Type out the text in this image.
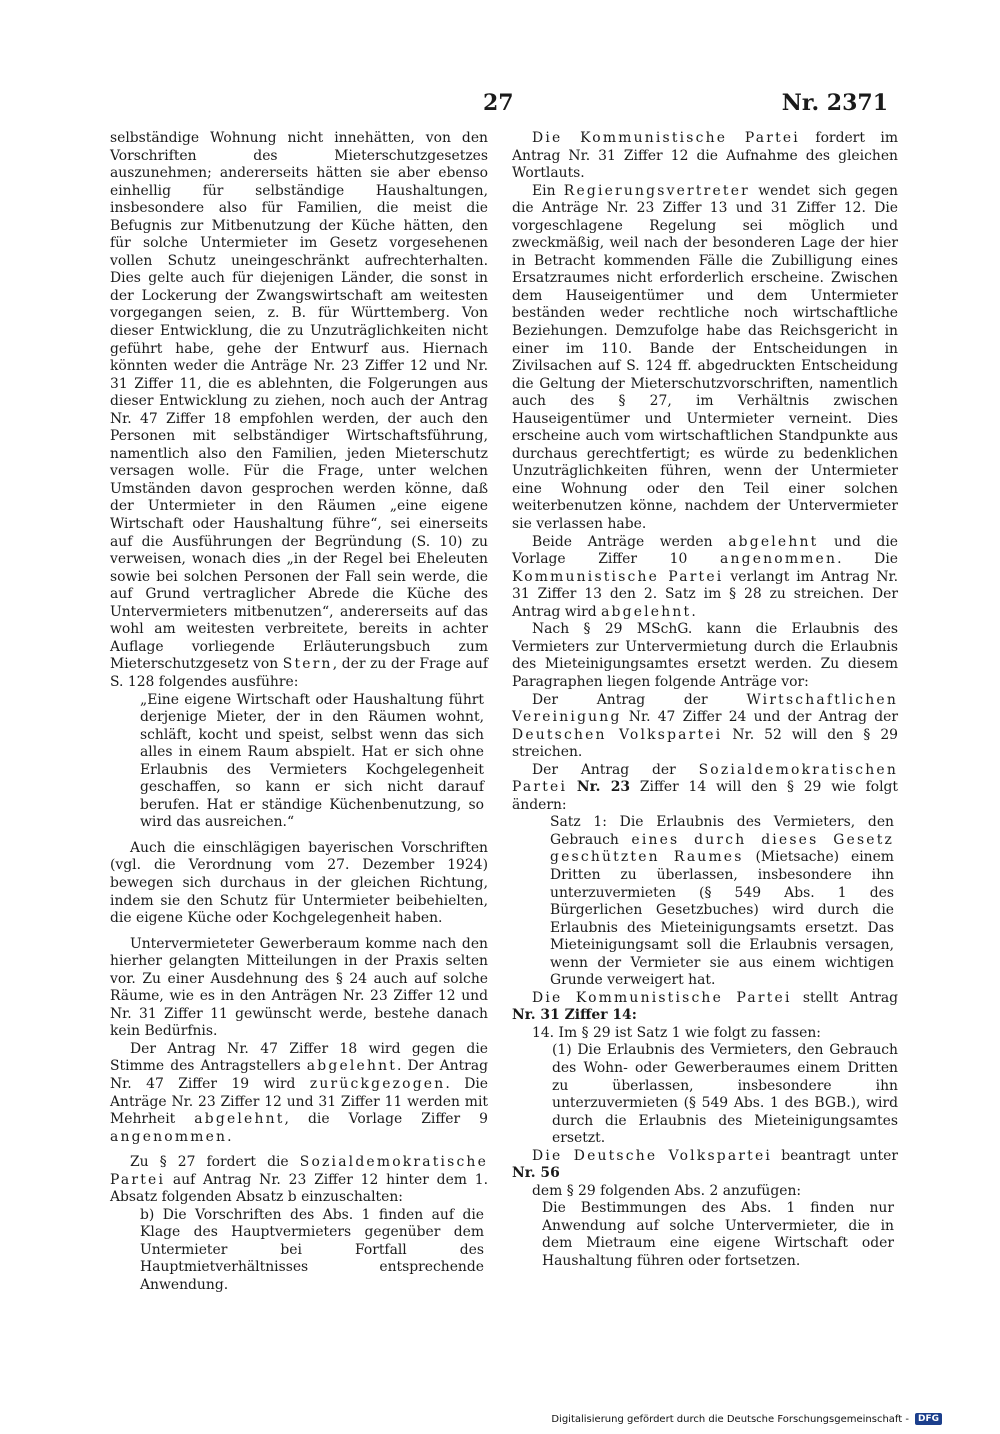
27	Nr. 2371

selbständige Wohnung nicht innehätten, von den Vorschriften des Mieterschutzgesetzes auszunehmen; andererseits hätten sie aber ebenso einhellig für selbständige Haushaltungen, insbesondere also für Familien, die meist die Befugnis zur Mitbenutzung der Küche hätten, den für solche Untermieter im Gesetz vorgesehenen vollen Schutz uneingeschränkt aufrechterhalten. Dies gelte auch für diejenigen Länder, die sonst in der Lockerung der Zwangswirtschaft am weitesten vorgegangen seien, z. B. für Württemberg. Von dieser Entwicklung, die zu Unzuträglichkeiten nicht geführt habe, gehe der Entwurf aus. Hiernach könnten weder die Anträge Nr. 23 Ziffer 12 und Nr. 31 Ziffer 11, die es ablehnten, die Folgerungen aus dieser Entwicklung zu ziehen, noch auch der Antrag Nr. 47 Ziffer 18 empfohlen werden, der auch den Personen mit selbständiger Wirtschaftsführung, namentlich also den Familien, jeden Mieterschutz versagen wolle. Für die Frage, unter welchen Umständen davon gesprochen werden könne, daß der Untermieter in den Räumen „eine eigene Wirtschaft oder Haushaltung führe“, sei einerseits auf die Ausführungen der Begründung (S. 10) zu verweisen, wonach dies „in der Regel bei Eheleuten sowie bei solchen Personen der Fall sein werde, die auf Grund vertraglicher Abrede die Küche des Untervermieters mitbenutzen“, andererseits auf das wohl am weitesten verbreitete, bereits in achter Auflage vorliegende Erläuterungsbuch zum Mieterschutzgesetz von Stern, der zu der Frage auf S. 128 folgendes ausführe:

„Eine eigene Wirtschaft oder Haushaltung führt derjenige Mieter, der in den Räumen wohnt, schläft, kocht und speist, selbst wenn das sich alles in einem Raum abspielt. Hat er sich ohne Erlaubnis des Vermieters Kochgelegenheit geschaffen, so kann er sich nicht darauf berufen. Hat er ständige Küchenbenutzung, so wird das ausreichen.“

Auch die einschlägigen bayerischen Vorschriften (vgl. die Verordnung vom 27. Dezember 1924) bewegen sich durchaus in der gleichen Richtung, indem sie den Schutz für Untermieter beibehielten, die eigene Küche oder Kochgelegenheit haben.

Untervermieteter Gewerberaum komme nach den hierher gelangten Mitteilungen in der Praxis selten vor. Zu einer Ausdehnung des § 24 auch auf solche Räume, wie es in den Anträgen Nr. 23 Ziffer 12 und Nr. 31 Ziffer 11 gewünscht werde, bestehe danach kein Bedürfnis.

Der Antrag Nr. 47 Ziffer 18 wird gegen die Stimme des Antragstellers abgelehnt. Der Antrag Nr. 47 Ziffer 19 wird zurückgezogen. Die Anträge Nr. 23 Ziffer 12 und 31 Ziffer 11 werden mit Mehrheit abgelehnt, die Vorlage Ziffer 9 angenommen.

Zu § 27 fordert die Sozialdemokratische Partei auf Antrag Nr. 23 Ziffer 12 hinter dem 1. Absatz folgenden Absatz b einzuschalten:

b) Die Vorschriften des Abs. 1 finden auf die Klage des Hauptvermieters gegenüber dem Untermieter bei Fortfall des Hauptmietverhältnisses entsprechende Anwendung.

Die Kommunistische Partei fordert im Antrag Nr. 31 Ziffer 12 die Aufnahme des gleichen Wortlauts.

Ein Regierungsvertreter wendet sich gegen die Anträge Nr. 23 Ziffer 13 und 31 Ziffer 12. Die vorgeschlagene Regelung sei möglich und zweckmäßig, weil nach der besonderen Lage der hier in Betracht kommenden Fälle die Zubilligung eines Ersatzraumes nicht erforderlich erscheine. Zwischen dem Hauseigentümer und dem Untermieter beständen weder rechtliche noch wirtschaftliche Beziehungen. Demzufolge habe das Reichsgericht in einer im 110. Bande der Entscheidungen in Zivilsachen auf S. 124 ff. abgedruckten Entscheidung die Geltung der Mieterschutzvorschriften, namentlich auch des § 27, im Verhältnis zwischen Hauseigentümer und Untermieter verneint. Dies erscheine auch vom wirtschaftlichen Standpunkte aus durchaus gerechtfertigt; es würde zu bedenklichen Unzuträglichkeiten führen, wenn der Untermieter eine Wohnung oder den Teil einer solchen weiterbenutzen könne, nachdem der Untervermieter sie verlassen habe.

Beide Anträge werden abgelehnt und die Vorlage Ziffer 10 angenommen. Die Kommunistische Partei verlangt im Antrag Nr. 31 Ziffer 13 den 2. Satz im § 28 zu streichen. Der Antrag wird abgelehnt.

Nach § 29 MSchG. kann die Erlaubnis des Vermieters zur Untervermietung durch die Erlaubnis des Mieteinigungsamtes ersetzt werden. Zu diesem Paragraphen liegen folgende Anträge vor:

Der Antrag der	Wirtschaftlichen Vereinigung Nr. 47 Ziffer 24 und der Antrag der Deutschen Volkspartei Nr. 52 will den § 29 streichen.

Der Antrag der Sozialdemokratischen Partei Nr. 23 Ziffer 14 will den § 29 wie folgt ändern:

Satz 1: Die Erlaubnis des Vermieters, den Gebrauch eines durch dieses Gesetz geschützten Raumes (Mietsache) einem Dritten zu überlassen, insbesondere ihn unterzuvermieten (§ 549 Abs. 1 des Bürgerlichen Gesetzbuches) wird durch die Erlaubnis des Mieteinigungsamts ersetzt. Das Mieteinigungsamt soll die Erlaubnis versagen, wenn der Vermieter sie aus einem wichtigen Grunde verweigert hat.

Die Kommunistische Partei stellt Antrag Nr. 31 Ziffer 14:

14. Im § 29 ist Satz 1 wie folgt zu fassen:

(1) Die Erlaubnis des Vermieters, den Gebrauch des Wohn- oder Gewerberaumes einem Dritten zu überlassen, insbesondere ihn unterzuvermieten (§ 549 Abs. 1 des BGB.), wird durch die Erlaubnis des Mieteinigungsamtes ersetzt.

Die Deutsche Volkspartei beantragt unter Nr. 56

dem § 29 folgenden Abs. 2 anzufügen:

Die Bestimmungen des Abs. 1 finden nur Anwendung auf solche Untervermieter, die in dem Mietraum eine eigene Wirtschaft oder Haushaltung führen oder fortsetzen.

Digitalisierung gefördert durch die Deutsche Forschungsgemeinschaft -	DFG
